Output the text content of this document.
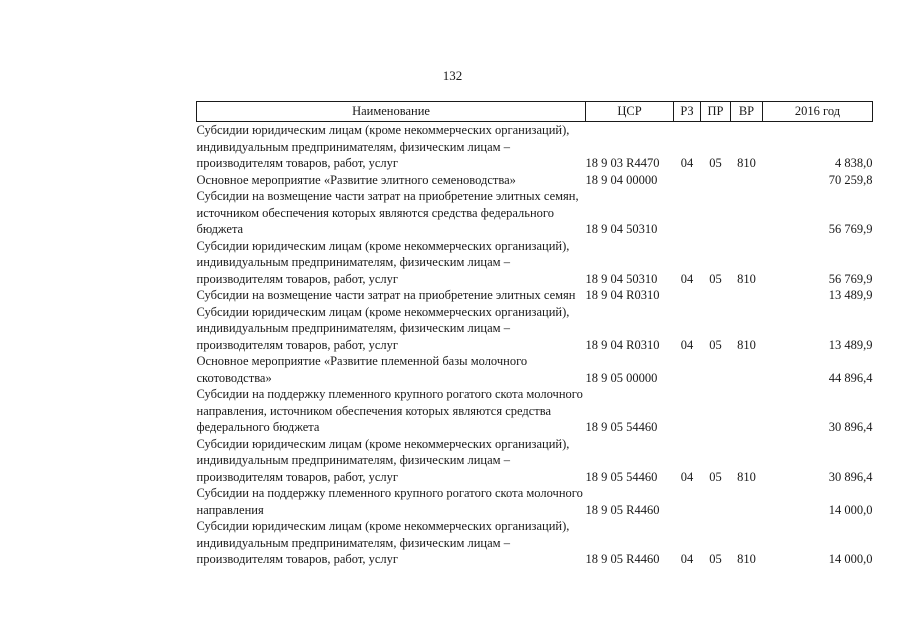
132
Наименование	ЦСР	РЗ	ПР	ВР	2016 год
Субсидии юридическим лицам (кроме некоммерческих организаций), индивидуальным предпринимателям, физическим лицам – производителям товаров, работ, услуг	18 9 03 R4470	04	05	810	4 838,0
Основное мероприятие «Развитие элитного семеноводства»	18 9 04 00000				70 259,8
Субсидии на возмещение части затрат на приобретение элитных семян, источником обеспечения которых являются средства федерального бюджета	18 9 04 50310				56 769,9
Субсидии юридическим лицам (кроме некоммерческих организаций), индивидуальным предпринимателям, физическим лицам – производителям товаров, работ, услуг	18 9 04 50310	04	05	810	56 769,9
Субсидии на возмещение части затрат на приобретение элитных семян	18 9 04 R0310				13 489,9
Субсидии юридическим лицам (кроме некоммерческих организаций), индивидуальным предпринимателям, физическим лицам – производителям товаров, работ, услуг	18 9 04 R0310	04	05	810	13 489,9
Основное мероприятие «Развитие племенной базы молочного скотоводства»	18 9 05 00000				44 896,4
Субсидии на поддержку племенного крупного рогатого скота молочного направления, источником обеспечения которых являются средства федерального бюджета	18 9 05 54460				30 896,4
Субсидии юридическим лицам (кроме некоммерческих организаций), индивидуальным предпринимателям, физическим лицам – производителям товаров, работ, услуг	18 9 05 54460	04	05	810	30 896,4
Субсидии на поддержку племенного крупного рогатого скота молочного направления	18 9 05 R4460				14 000,0
Субсидии юридическим лицам (кроме некоммерческих организаций), индивидуальным предпринимателям, физическим лицам – производителям товаров, работ, услуг	18 9 05 R4460	04	05	810	14 000,0
